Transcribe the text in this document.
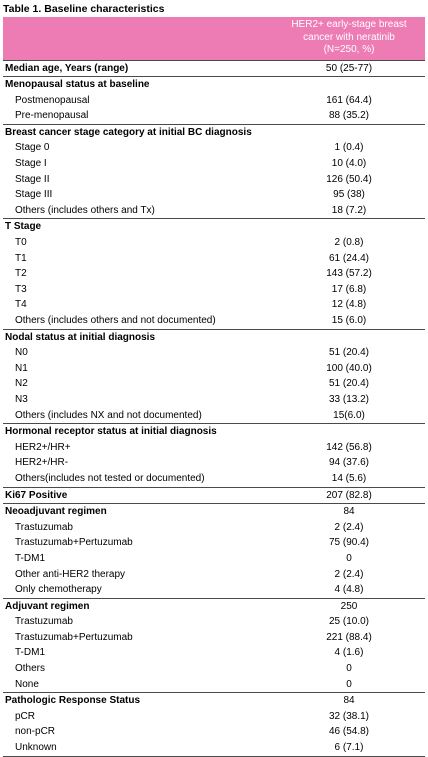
Table 1. Baseline characteristics

	HER2+ early-stage breast
cancer with neratinib
(N=250, %)

Median age, Years (range)	50 (25-77)
Menopausal status at baseline	
Postmenopausal	161 (64.4)
Pre-menopausal	88 (35.2)
Breast cancer stage category at initial BC diagnosis	
Stage 0	1 (0.4)
Stage I	10 (4.0)
Stage II	126 (50.4)
Stage III	95 (38)
Others (includes others and Tx)	18 (7.2)
T Stage	
T0	2 (0.8)
T1	61 (24.4)
T2	143 (57.2)
T3	17 (6.8)
T4	12 (4.8)
Others (includes others and not documented)	15 (6.0)
Nodal status at initial diagnosis	
N0	51 (20.4)
N1	100 (40.0)
N2	51 (20.4)
N3	33 (13.2)
Others (includes NX and not documented)	15(6.0)
Hormonal receptor status at initial diagnosis	
HER2+/HR+	142 (56.8)
HER2+/HR-	94 (37.6)
Others(includes not tested or documented)	14 (5.6)
Ki67 Positive	207 (82.8)
Neoadjuvant regimen	84
Trastuzumab	2 (2.4)
Trastuzumab+Pertuzumab	75 (90.4)
T-DM1	0
Other anti-HER2 therapy	2 (2.4)
Only chemotherapy	4 (4.8)
Adjuvant regimen	250
Trastuzumab	25 (10.0)
Trastuzumab+Pertuzumab	221 (88.4)
T-DM1	4 (1.6)
Others	0
None	0
Pathologic Response Status	84
pCR	32 (38.1)
non-pCR	46 (54.8)
Unknown	6 (7.1)
